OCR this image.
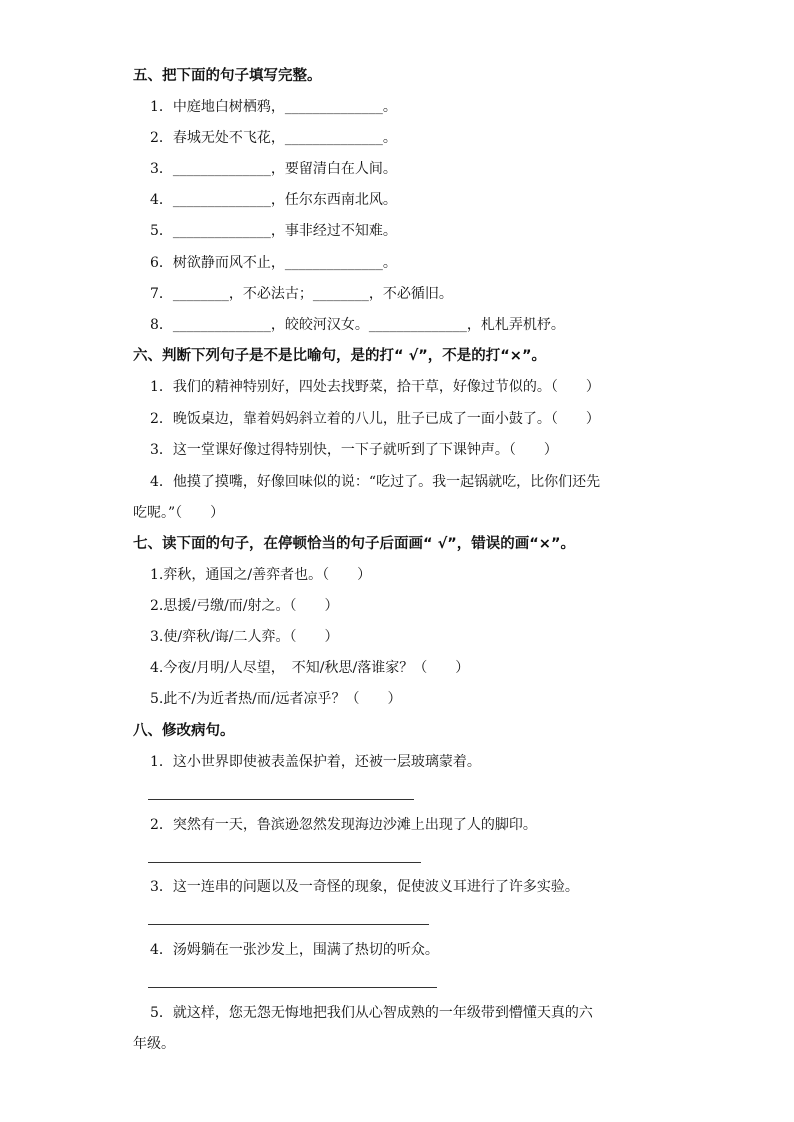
五、把下面的句子填写完整。
1．中庭地白树栖鸦，______________。
2．春城无处不飞花，______________。
3．______________，要留清白在人间。
4．______________，任尔东西南北风。
5．______________，事非经过不知难。
6．树欲静而风不止，______________。
7．________，不必法古；________，不必循旧。
8．______________，皎皎河汉女。______________，札札弄机杼。
六、判断下列句子是不是比喻句，是的打“ √”，不是的打“×”。
1．我们的精神特别好，四处去找野菜，拾干草，好像过节似的。（　　）
2．晚饭桌边，靠着妈妈斜立着的八儿，肚子已成了一面小鼓了。（　　）
3．这一堂课好像过得特别快，一下子就听到了下课钟声。（　　）
4．他摸了摸嘴，好像回味似的说：“吃过了。我一起锅就吃，比你们还先
吃呢。”（　　）
七、读下面的句子，在停顿恰当的句子后面画“ √”，错误的画“×”。
1.弈秋，通国之/善弈者也。（　　）
2.思援/弓缴/而/射之。（　　）
3.使/弈秋/诲/二人弈。（　　）
4.今夜/月明/人尽望，　不知/秋思/落谁家？（　　）
5.此不/为近者热/而/远者凉乎？（　　）
八、修改病句。
1．这小世界即使被表盖保护着，还被一层玻璃蒙着。
2．突然有一天，鲁滨逊忽然发现海边沙滩上出现了人的脚印。
3．这一连串的问题以及一奇怪的现象，促使波义耳进行了许多实验。
4．汤姆躺在一张沙发上，围满了热切的听众。
5．就这样，您无怨无悔地把我们从心智成熟的一年级带到懵懂天真的六
年级。
